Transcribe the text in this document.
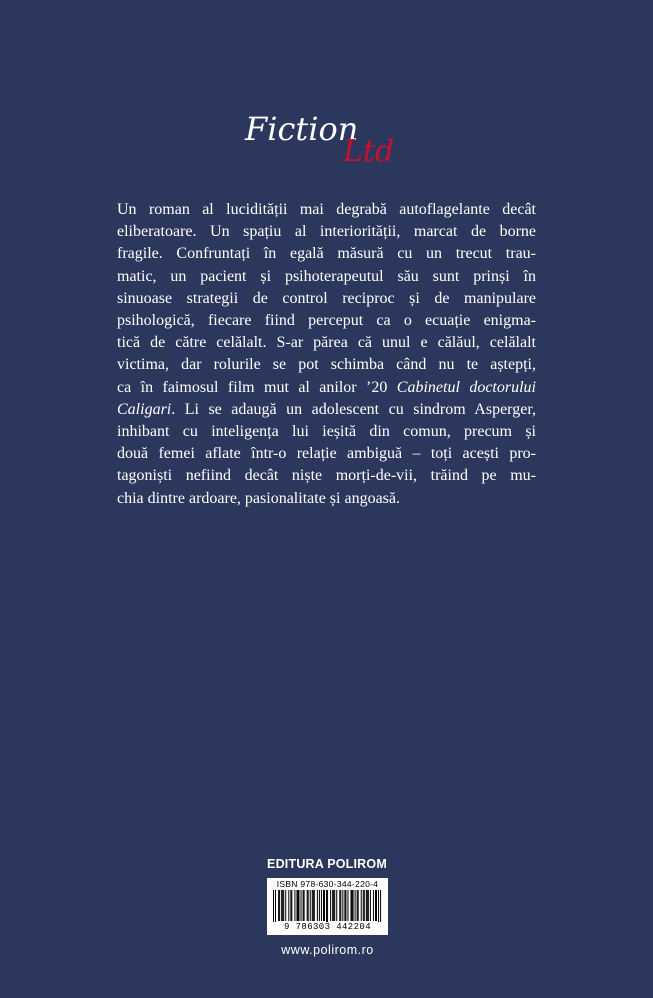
Fiction
Ltd

Un roman al lucidității mai degrabă autoflagelante decât
eliberatoare. Un spațiu al interiorității, marcat de borne
fragile. Confruntați în egală măsură cu un trecut trau-
matic, un pacient și psihoterapeutul său sunt prinși în
sinuoase strategii de control reciproc și de manipulare
psihologică, fiecare fiind perceput ca o ecuație enigma-
tică de către celălalt. S-ar părea că unul e călăul, celălalt
victima, dar rolurile se pot schimba când nu te aștepți,
ca în faimosul film mut al anilor ’20 Cabinetul doctorului
Caligari. Li se adaugă un adolescent cu sindrom Asperger,
inhibant cu inteligența lui ieșită din comun, precum și
două femei aflate într-o relație ambiguă – toți acești pro-
tagoniști nefiind decât niște morți-de-vii, trăind pe mu-
chia dintre ardoare, pasionalitate și angoasă.

EDITURA POLIROM
ISBN 978-630-344-220-4
9 786303 442204
www.polirom.ro
